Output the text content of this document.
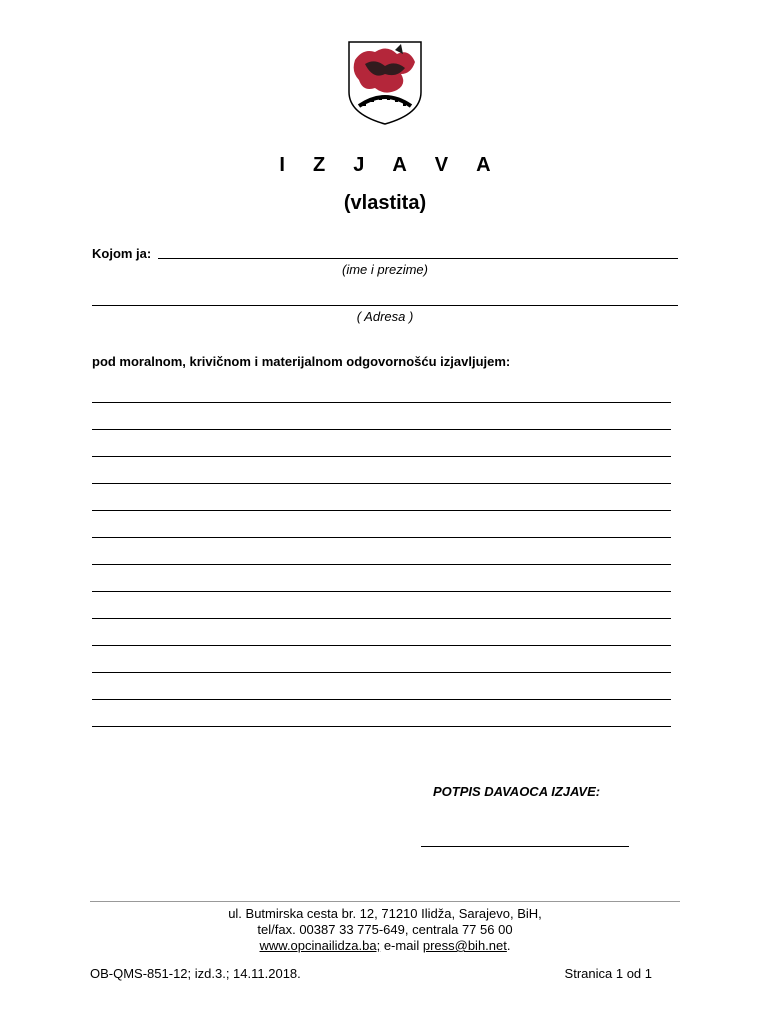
I Z J A V A
(vlastita)
Kojom ja:
(ime i prezime)
( Adresa )
pod moralnom, krivičnom i materijalnom odgovornošću izjavljujem:
POTPIS DAVAOCA IZJAVE:
ul. Butmirska cesta br. 12, 71210 Ilidža, Sarajevo, BiH,
tel/fax. 00387 33 775-649, centrala 77 56 00
www.opcinailidza.ba; e-mail press@bih.net.
OB-QMS-851-12; izd.3.; 14.11.2018.	Stranica 1 od 1
